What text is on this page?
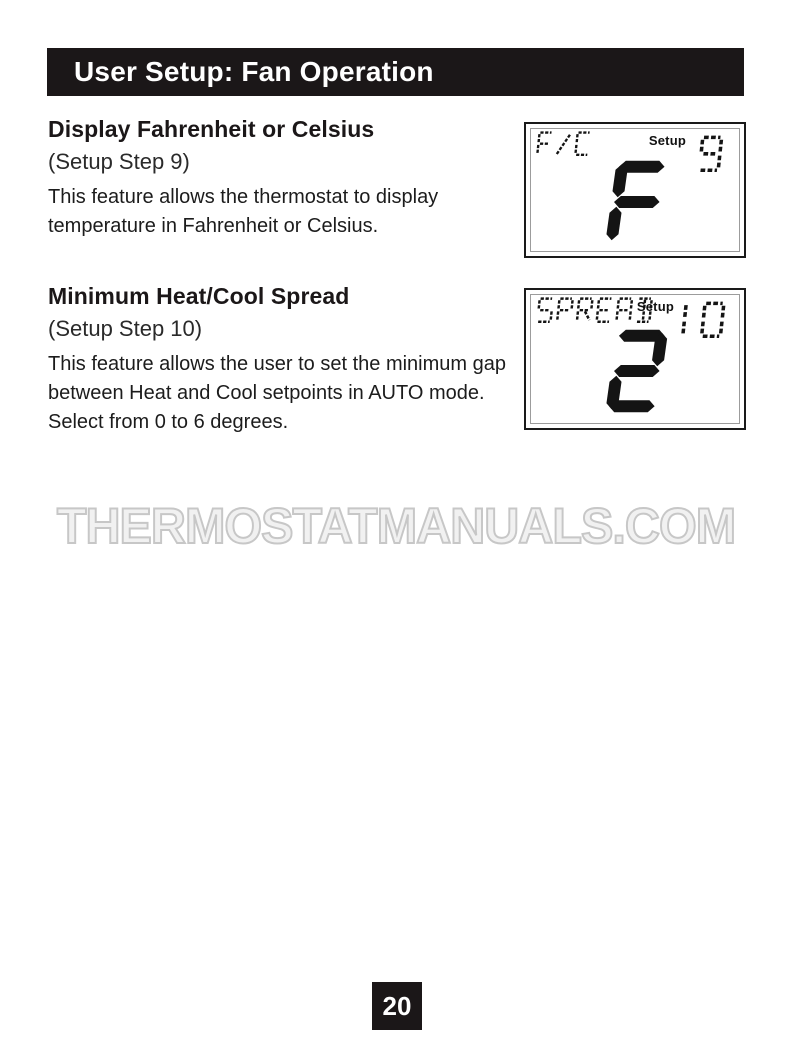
User Setup: Fan Operation
Display Fahrenheit or Celsius

(Setup Step 9)

This feature allows the thermostat to display temperature in Fahrenheit or Celsius.

Setup
Minimum Heat/Cool Spread

(Setup Step 10)

This feature allows the user to set the minimum gap between Heat and Cool setpoints in AUTO mode. Select from 0 to 6 degrees.

Setup
THERMOSTATMANUALS.COM
20
